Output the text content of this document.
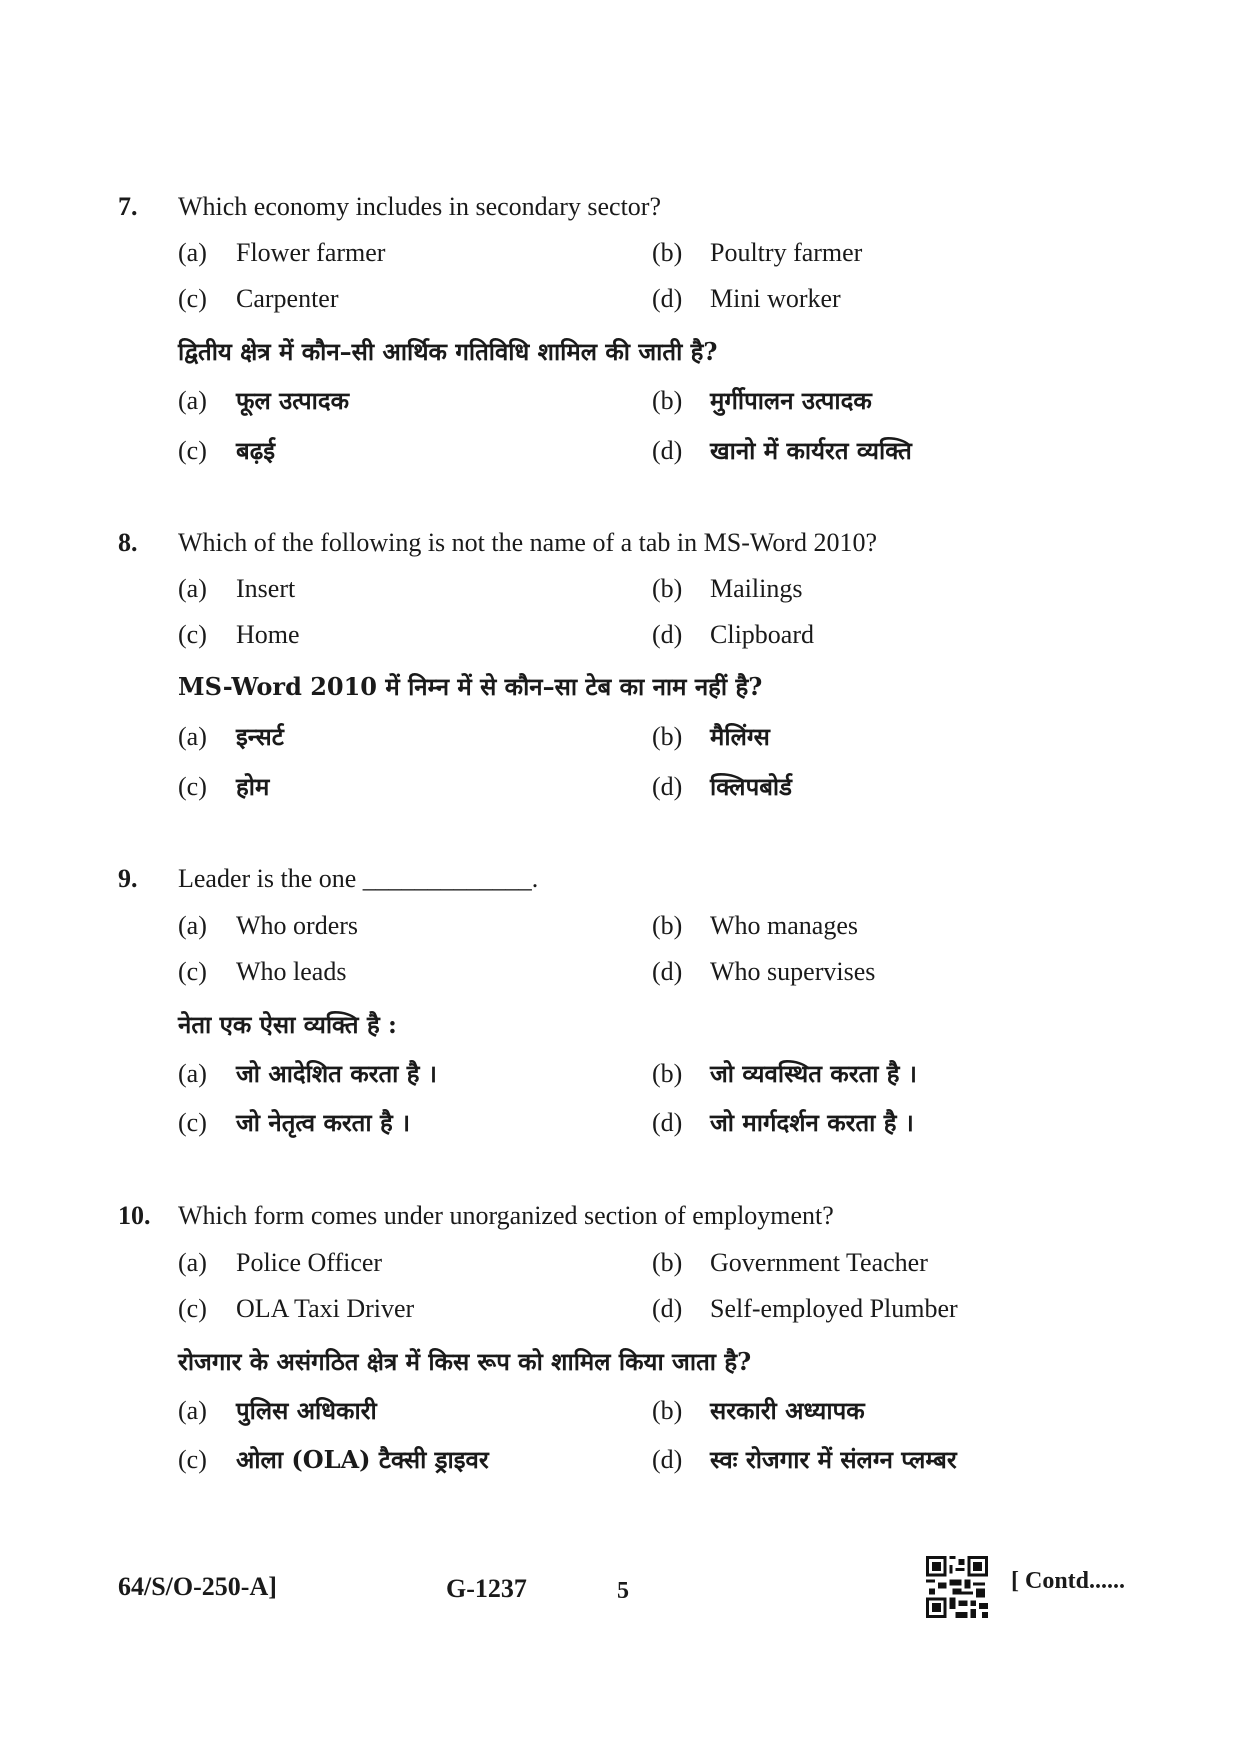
7. Which economy includes in secondary sector?
(a) Flower farmer	(b) Poultry farmer
(c) Carpenter	(d) Mini worker
द्वितीय क्षेत्र में कौन–सी आर्थिक गतिविधि शामिल की जाती है?
(a) फूल उत्पादक	(b) मुर्गीपालन उत्पादक
(c) बढ़ई	(d) खानो में कार्यरत व्यक्ति
8. Which of the following is not the name of a tab in MS-Word 2010?
(a) Insert	(b) Mailings
(c) Home	(d) Clipboard
MS-Word 2010 में निम्न में से कौन–सा टेब का नाम नहीं है?
(a) इन्सर्ट	(b) मैलिंग्स
(c) होम	(d) क्लिपबोर्ड
9. Leader is the one _____________.
(a) Who orders	(b) Who manages
(c) Who leads	(d) Who supervises
नेता एक ऐसा व्यक्ति है :
(a) जो आदेशित करता है ।	(b) जो व्यवस्थित करता है ।
(c) जो नेतृत्व करता है ।	(d) जो मार्गदर्शन करता है ।
10. Which form comes under unorganized section of employment?
(a) Police Officer	(b) Government Teacher
(c) OLA Taxi Driver	(d) Self-employed Plumber
रोजगार के असंगठित क्षेत्र में किस रूप को शामिल किया जाता है?
(a) पुलिस अधिकारी	(b) सरकारी अध्यापक
(c) ओला (OLA) टैक्सी ड्राइवर	(d) स्वः रोजगार में संलग्न प्लम्बर
64/S/O-250-A]	G-1237	5	[ Contd......
